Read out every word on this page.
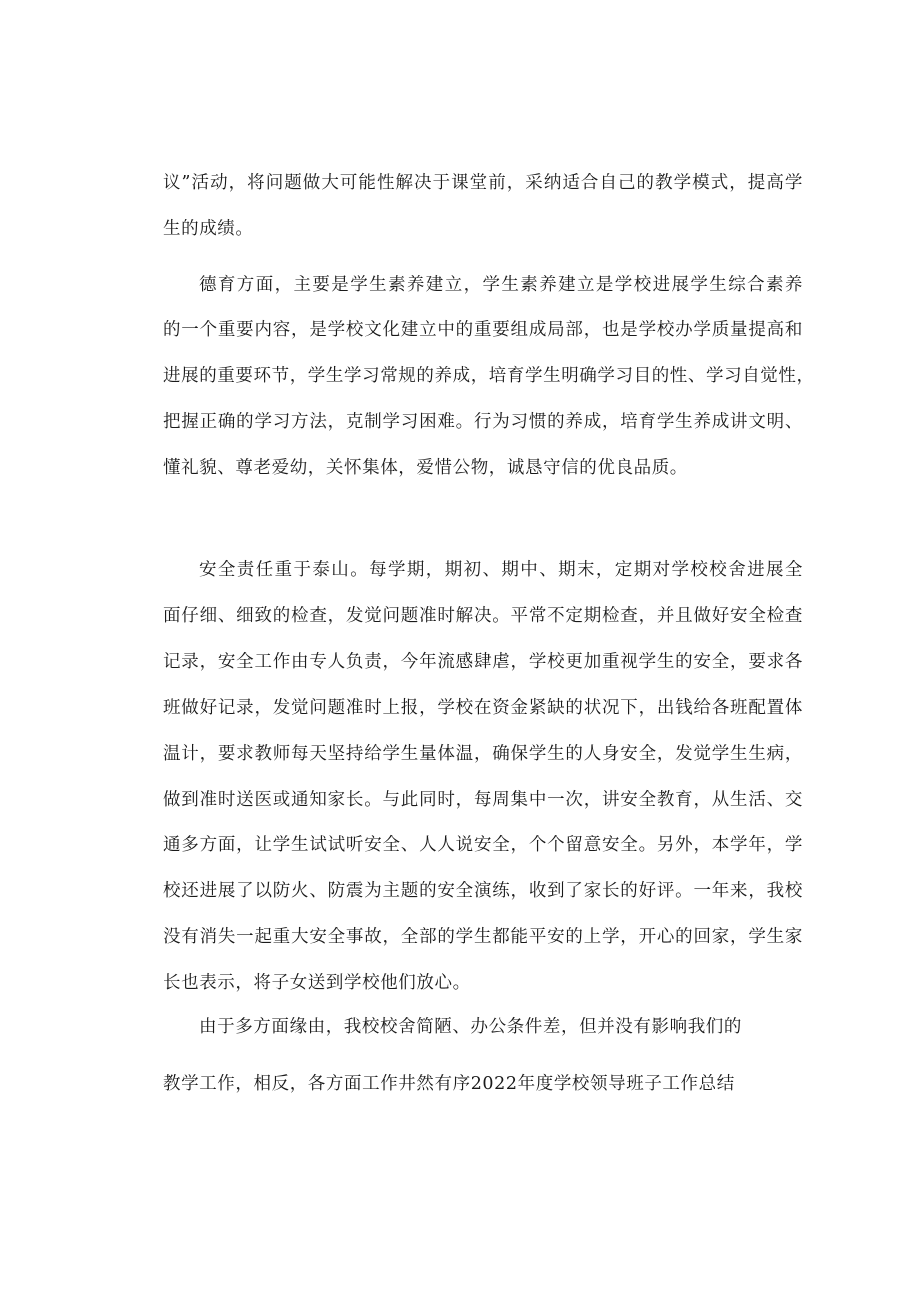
议”活动，将问题做大可能性解决于课堂前，采纳适合自己的教学模式，提高学
生的成绩。
德育方面，主要是学生素养建立，学生素养建立是学校进展学生综合素养
的一个重要内容，是学校文化建立中的重要组成局部，也是学校办学质量提高和
进展的重要环节，学生学习常规的养成，培育学生明确学习目的性、学习自觉性，
把握正确的学习方法，克制学习困难。行为习惯的养成，培育学生养成讲文明、
懂礼貌、尊老爱幼，关怀集体，爱惜公物，诚恳守信的优良品质。
安全责任重于泰山。每学期，期初、期中、期末，定期对学校校舍进展全
面仔细、细致的检查，发觉问题准时解决。平常不定期检查，并且做好安全检查
记录，安全工作由专人负责，今年流感肆虐，学校更加重视学生的安全，要求各
班做好记录，发觉问题准时上报，学校在资金紧缺的状况下，出钱给各班配置体
温计，要求教师每天坚持给学生量体温，确保学生的人身安全，发觉学生生病，
做到准时送医或通知家长。与此同时，每周集中一次，讲安全教育，从生活、交
通多方面，让学生试试听安全、人人说安全，个个留意安全。另外，本学年，学
校还进展了以防火、防震为主题的安全演练，收到了家长的好评。一年来，我校
没有消失一起重大安全事故，全部的学生都能平安的上学，开心的回家，学生家
长也表示，将子女送到学校他们放心。
由于多方面缘由，我校校舍简陋、办公条件差，但并没有影响我们的
教学工作，相反，各方面工作井然有序2022年度学校领导班子工作总结
